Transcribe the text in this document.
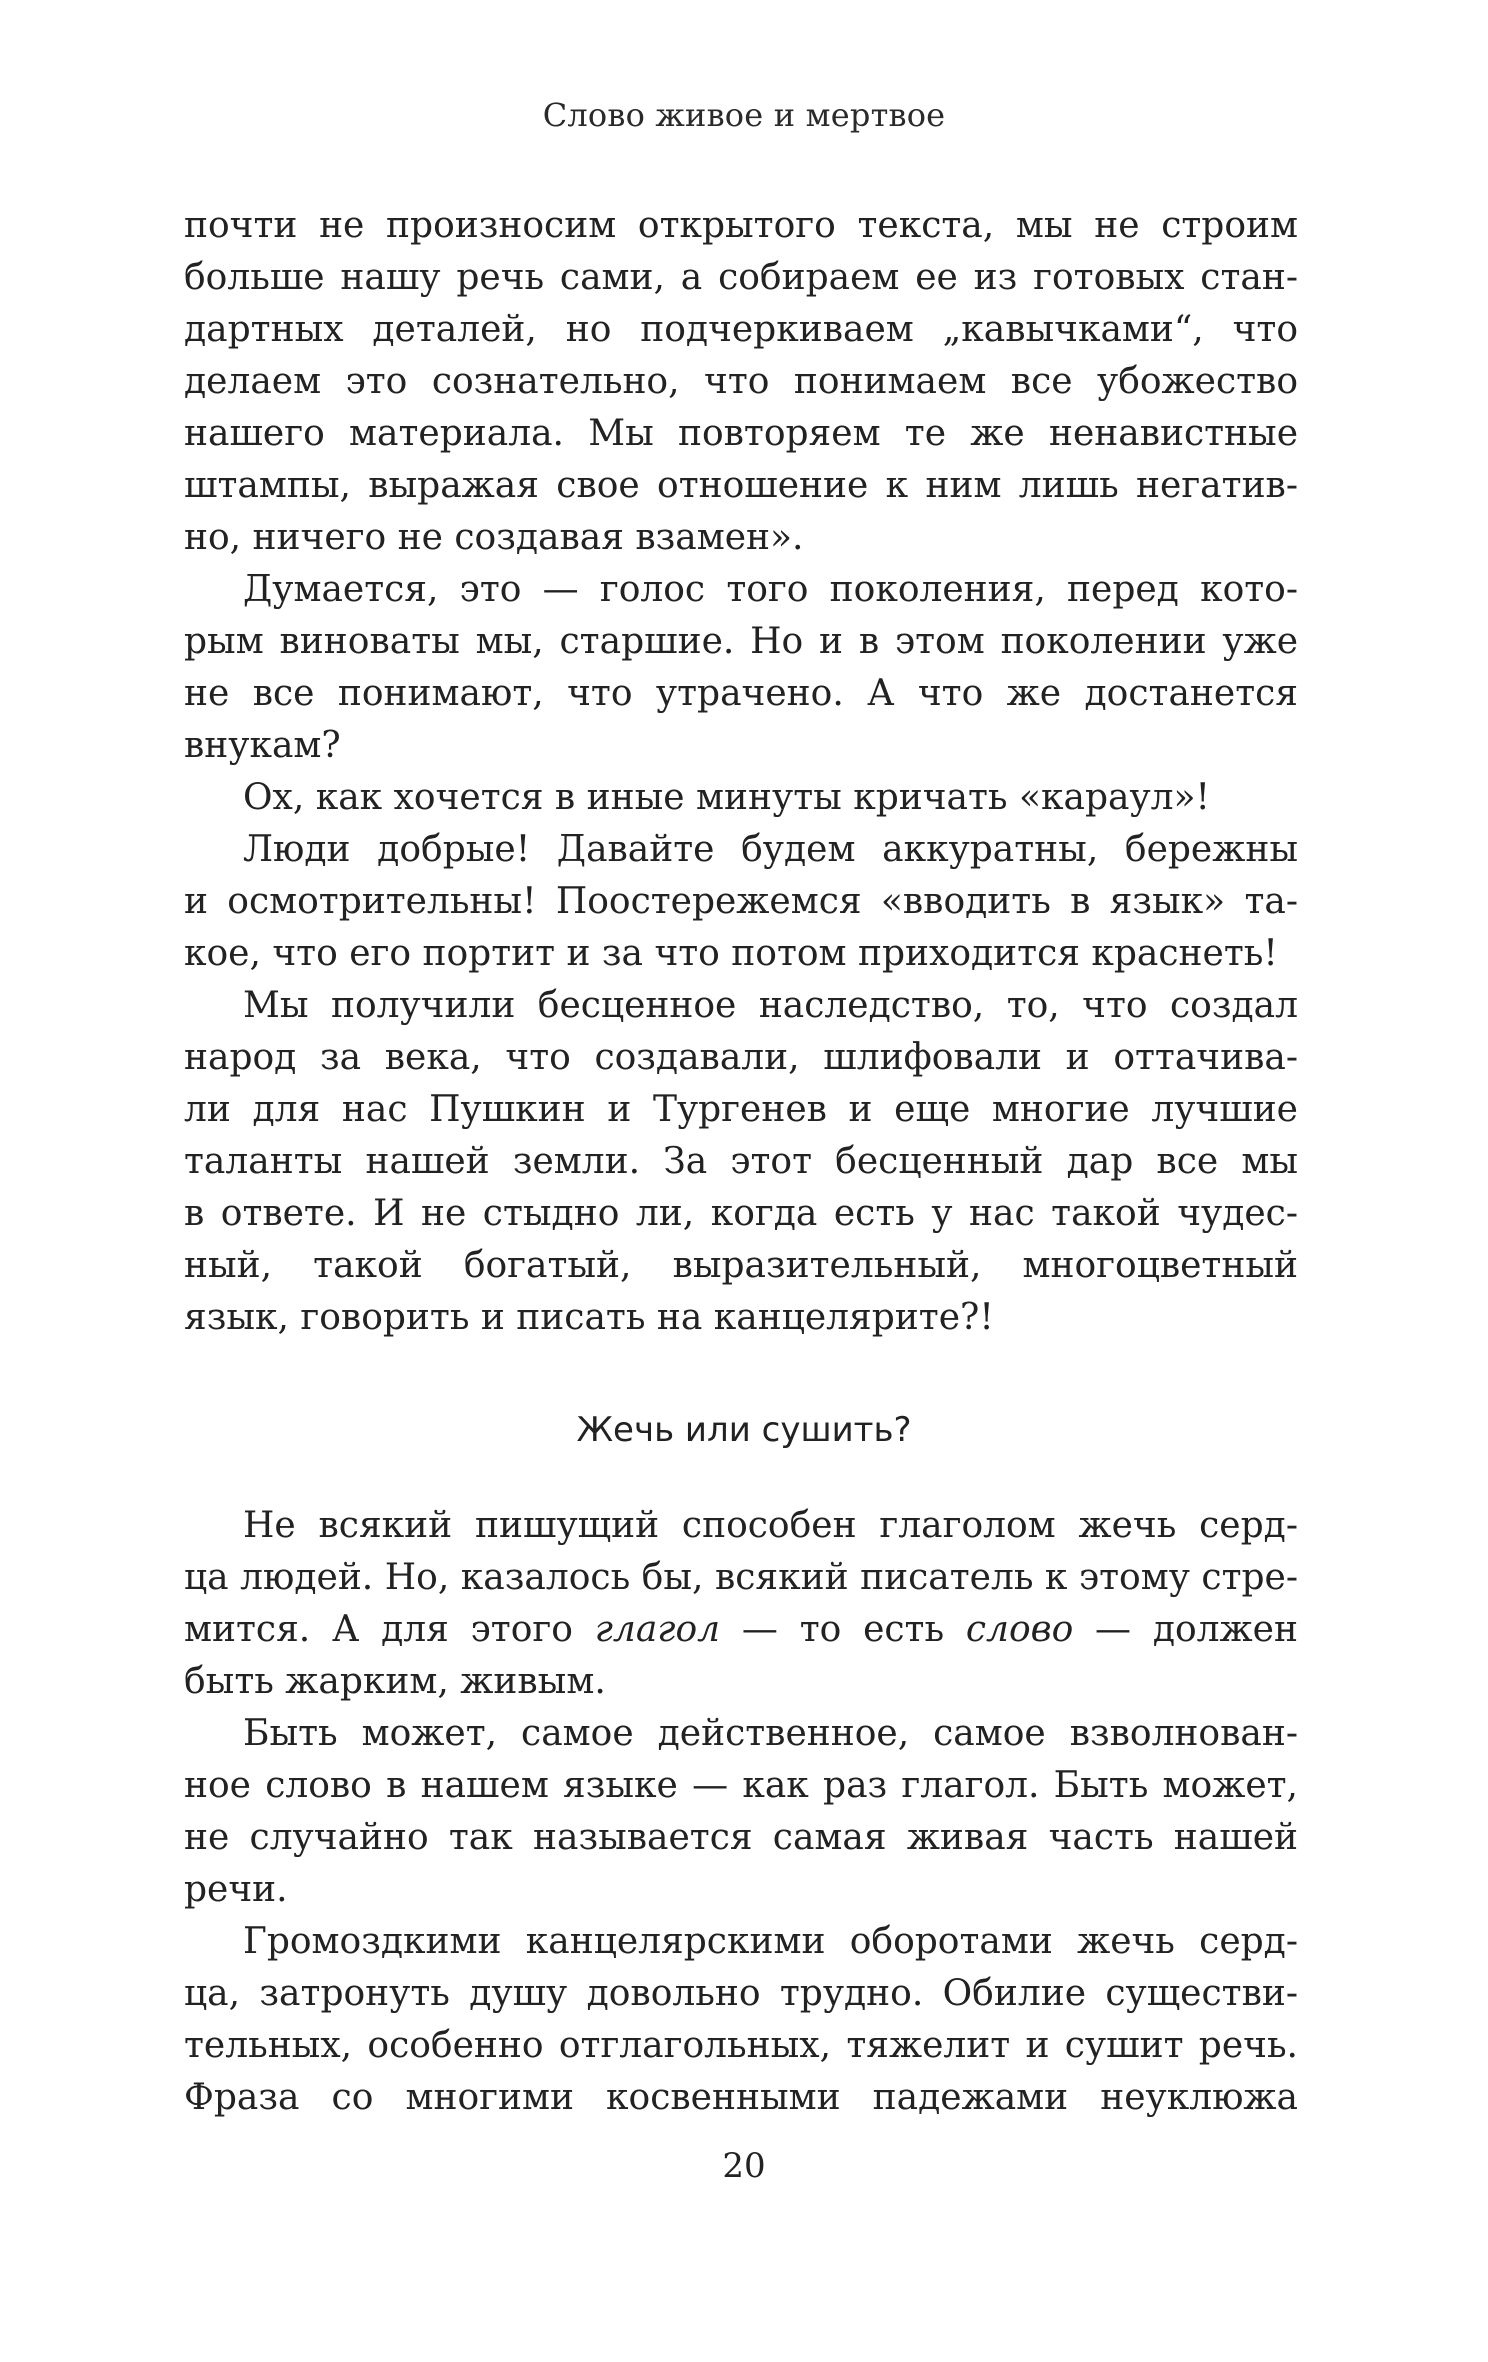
Слово живое и мертвое

почти не произносим открытого текста, мы не строим
больше нашу речь сами, а собираем ее из готовых стан-
дартных деталей, но подчеркиваем „кавычками“, что
делаем это сознательно, что понимаем все убожество
нашего материала. Мы повторяем те же ненавистные
штампы, выражая свое отношение к ним лишь негатив-
но, ничего не создавая взамен».

Думается, это — голос того поколения, перед кото-
рым виноваты мы, старшие. Но и в этом поколении уже
не все понимают, что утрачено. А что же достанется
внукам?

Ох, как хочется в иные минуты кричать «караул»!

Люди добрые! Давайте будем аккуратны, бережны
и осмотрительны! Поостережемся «вводить в язык» та-
кое, что его портит и за что потом приходится краснеть!

Мы получили бесценное наследство, то, что создал
народ за века, что создавали, шлифовали и оттачива-
ли для нас Пушкин и Тургенев и еще многие лучшие
таланты нашей земли. За этот бесценный дар все мы
в ответе. И не стыдно ли, когда есть у нас такой чудес-
ный, такой богатый, выразительный, многоцветный
язык, говорить и писать на канцелярите?!

Жечь или сушить?

Не всякий пишущий способен глаголом жечь серд-
ца людей. Но, казалось бы, всякий писатель к этому стре-
мится. А для этого глагол — то есть слово — должен
быть жарким, живым.

Быть может, самое действенное, самое взволнован-
ное слово в нашем языке — как раз глагол. Быть может,
не случайно так называется самая живая часть нашей
речи.

Громоздкими канцелярскими оборотами жечь серд-
ца, затронуть душу довольно трудно. Обилие существи-
тельных, особенно отглагольных, тяжелит и сушит речь.
Фраза со многими косвенными падежами неуклюжа

20
